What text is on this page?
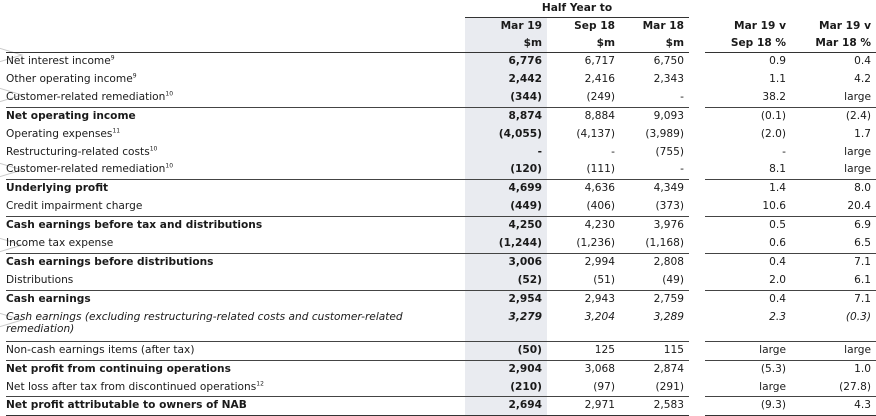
	Half Year to					
	Mar 19	Sep 18	Mar 18		Mar 19 v	Mar 19 v
	$m	$m	$m		Sep 18 %	Mar 18 %
Net interest income$^9$	6,776	6,717	6,750		0.9	0.4
Other operating income$^9$	2,442	2,416	2,343		1.1	4.2
Customer-related remediation$^{10}$	(344)	(249)	-		38.2	large
Net operating income	8,874	8,884	9,093		(0.1)	(2.4)
Operating expenses$^{11}$	(4,055)	(4,137)	(3,989)		(2.0)	1.7
Restructuring-related costs$^{10}$	-	-	(755)		-	large
Customer-related remediation$^{10}$	(120)	(111)	-		8.1	large
Underlying profit	4,699	4,636	4,349		1.4	8.0
Credit impairment charge	(449)	(406)	(373)		10.6	20.4
Cash earnings before tax and distributions	4,250	4,230	3,976		0.5	6.9
Income tax expense	(1,244)	(1,236)	(1,168)		0.6	6.5
Cash earnings before distributions	3,006	2,994	2,808		0.4	7.1
Distributions	(52)	(51)	(49)		2.0	6.1
Cash earnings	2,954	2,943	2,759		0.4	7.1
Cash earnings (excluding restructuring-related costs and customer-related remediation)	3,279	3,204	3,289		2.3	(0.3)
Non-cash earnings items (after tax)	(50)	125	115		large	large
Net profit from continuing operations	2,904	3,068	2,874		(5.3)	1.0
Net loss after tax from discontinued operations$^{12}$	(210)	(97)	(291)		large	(27.8)
Net profit attributable to owners of NAB	2,694	2,971	2,583		(9.3)	4.3
